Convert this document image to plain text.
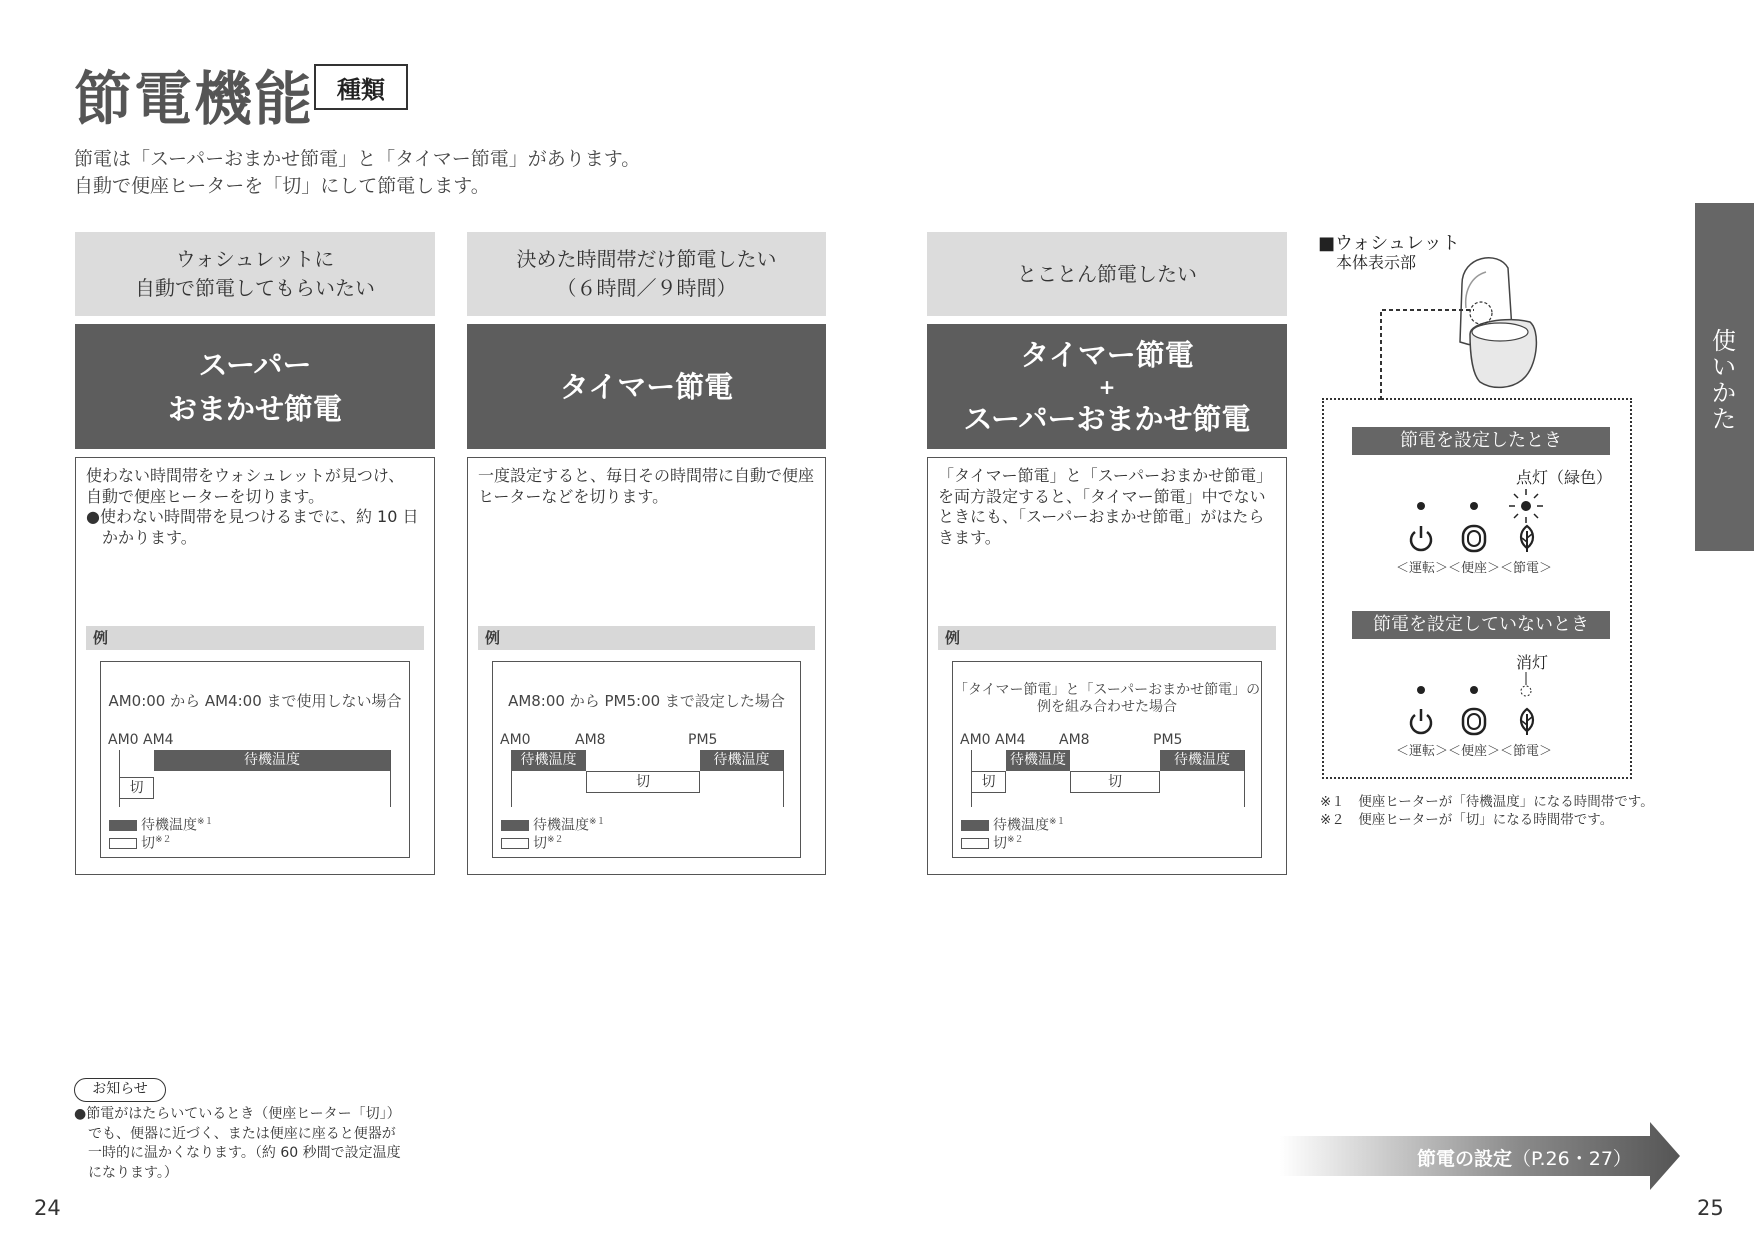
節電機能 種類
節電は「スーパーおまかせ節電」と「タイマー節電」があります。
自動で便座ヒーターを「切」にして節電します。
ウォシュレットに
自動で節電してもらいたい
スーパー
おまかせ節電
使わない時間帯をウォシュレットが見つけ、
自動で便座ヒーターを切ります。
●使わない時間帯を見つけるまでに、約 10 日
　かかります。
例
AM0:00 から AM4:00 まで使用しない場合
AM0 AM4
切
待機温度
待機温度$^{※1}$
切$^{※2}$
決めた時間帯だけ節電したい
（６時間／９時間）
タイマー節電
一度設定すると、毎日その時間帯に自動で便座
ヒーターなどを切ります。
例
AM8:00 から PM5:00 まで設定した場合
AM0	AM8	PM5
待機温度
切
待機温度
待機温度$^{※1}$
切$^{※2}$
とことん節電したい
タイマー節電
+
スーパーおまかせ節電
「タイマー節電」と「スーパーおまかせ節電」
を両方設定すると、「タイマー節電」中でない
ときにも、「スーパーおまかせ節電」がはたら
きます。
例
「タイマー節電」と「スーパーおまかせ節電」の
例を組み合わせた場合
AM0 AM4 AM8	PM5
切
待機温度
切
待機温度
待機温度$^{※1}$
切$^{※2}$
■ウォシュレット
本体表示部
節電を設定したとき
点灯（緑色）
＜運転＞＜便座＞＜節電＞
節電を設定していないとき
消灯
＜運転＞＜便座＞＜節電＞
※１　便座ヒーターが「待機温度」になる時間帯です。
※２　便座ヒーターが「切」になる時間帯です。
使いかた
お知らせ
●節電がはたらいているとき（便座ヒーター「切」）
　でも、便器に近づく、または便座に座ると便器が
　一時的に温かくなります。（約 60 秒間で設定温度
　になります。）
節電の設定（P.26・27）
24	25
